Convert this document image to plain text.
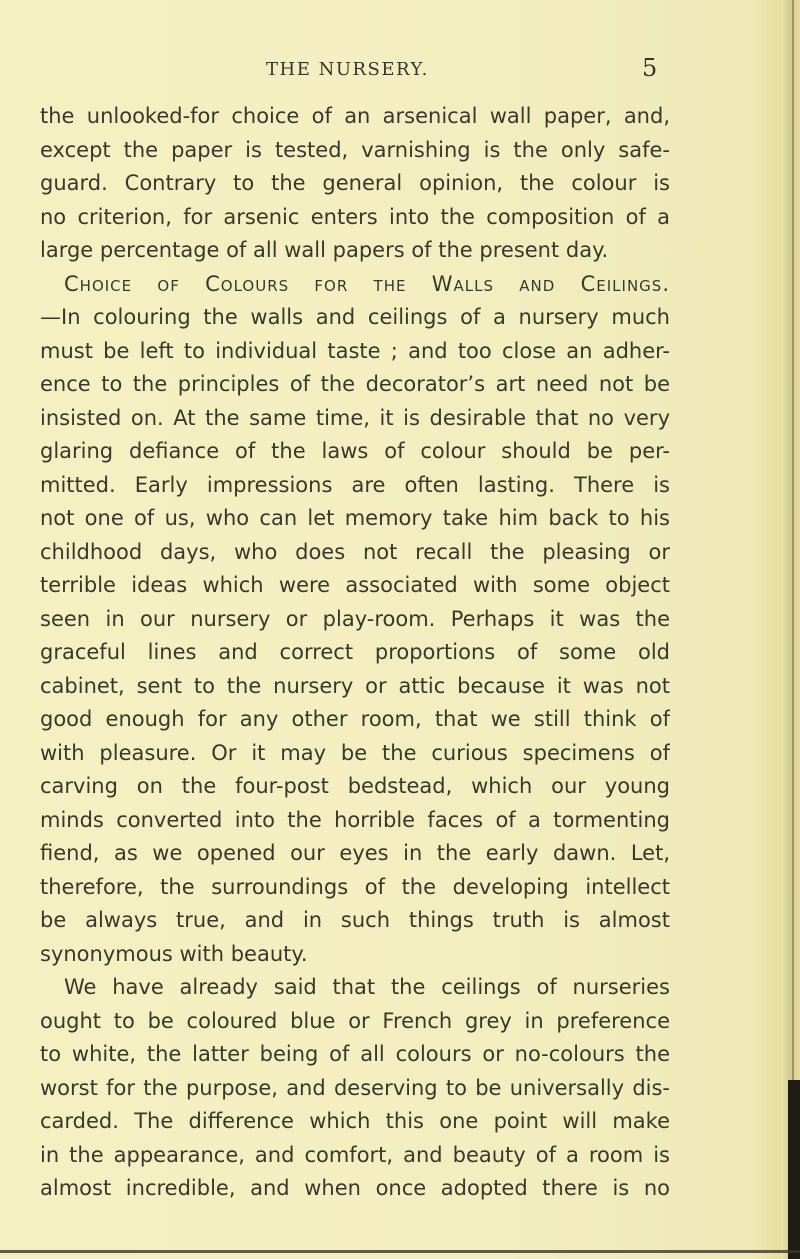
THE NURSERY.	5
the unlooked-for choice of an arsenical wall paper, and,
except the paper is tested, varnishing is the only safe-
guard. Contrary to the general opinion, the colour is
no criterion, for arsenic enters into the composition of a
large percentage of all wall papers of the present day.
Choice of Colours for the Walls and Ceilings.
—In colouring the walls and ceilings of a nursery much
must be left to individual taste ; and too close an adher-
ence to the principles of the decorator’s art need not be
insisted on. At the same time, it is desirable that no very
glaring defiance of the laws of colour should be per-
mitted. Early impressions are often lasting. There is
not one of us, who can let memory take him back to his
childhood days, who does not recall the pleasing or
terrible ideas which were associated with some object
seen in our nursery or play-room. Perhaps it was the
graceful lines and correct proportions of some old
cabinet, sent to the nursery or attic because it was not
good enough for any other room, that we still think of
with pleasure. Or it may be the curious specimens of
carving on the four-post bedstead, which our young
minds converted into the horrible faces of a tormenting
fiend, as we opened our eyes in the early dawn. Let,
therefore, the surroundings of the developing intellect
be always true, and in such things truth is almost
synonymous with beauty.
We have already said that the ceilings of nurseries
ought to be coloured blue or French grey in preference
to white, the latter being of all colours or no-colours the
worst for the purpose, and deserving to be universally dis-
carded. The difference which this one point will make
in the appearance, and comfort, and beauty of a room is
almost incredible, and when once adopted there is no
